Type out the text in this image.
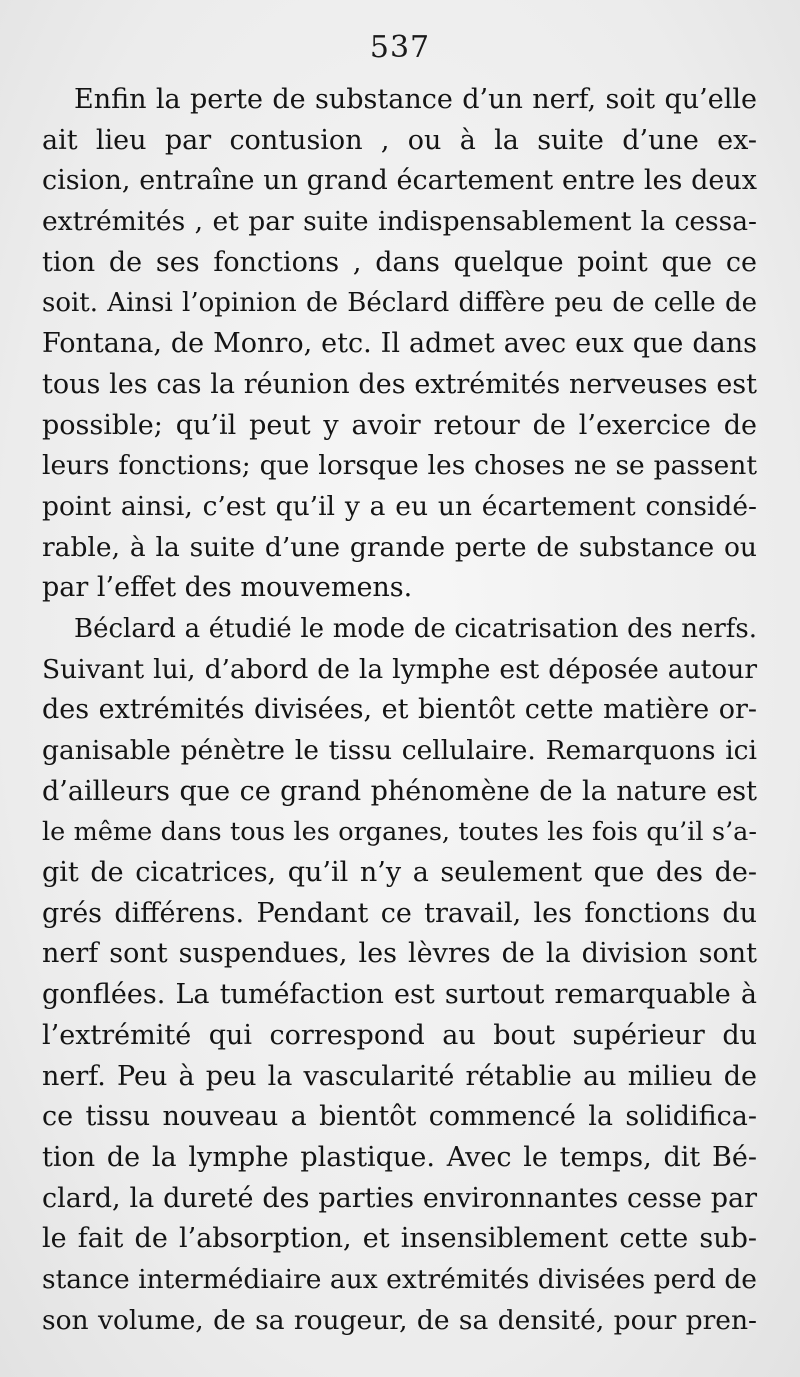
537
Enfin la perte de substance d’un nerf, soit qu’elle
ait lieu par contusion , ou à la suite d’une ex-
cision, entraîne un grand écartement entre les deux
extrémités , et par suite indispensablement la cessa-
tion de ses fonctions , dans quelque point que ce
soit. Ainsi l’opinion de Béclard diffère peu de celle de
Fontana, de Monro, etc. Il admet avec eux que dans
tous les cas la réunion des extrémités nerveuses est
possible; qu’il peut y avoir retour de l’exercice de
leurs fonctions; que lorsque les choses ne se passent
point ainsi, c’est qu’il y a eu un écartement considé-
rable, à la suite d’une grande perte de substance ou
par l’effet des mouvemens.
Béclard a étudié le mode de cicatrisation des nerfs.
Suivant lui, d’abord de la lymphe est déposée autour
des extrémités divisées, et bientôt cette matière or-
ganisable pénètre le tissu cellulaire. Remarquons ici
d’ailleurs que ce grand phénomène de la nature est
le même dans tous les organes, toutes les fois qu’il s’a-
git de cicatrices, qu’il n’y a seulement que des de-
grés différens. Pendant ce travail, les fonctions du
nerf sont suspendues, les lèvres de la division sont
gonflées. La tuméfaction est surtout remarquable à
l’extrémité qui correspond au bout supérieur du
nerf. Peu à peu la vascularité rétablie au milieu de
ce tissu nouveau a bientôt commencé la solidifica-
tion de la lymphe plastique. Avec le temps, dit Bé-
clard, la dureté des parties environnantes cesse par
le fait de l’absorption, et insensiblement cette sub-
stance intermédiaire aux extrémités divisées perd de
son volume, de sa rougeur, de sa densité, pour pren-
